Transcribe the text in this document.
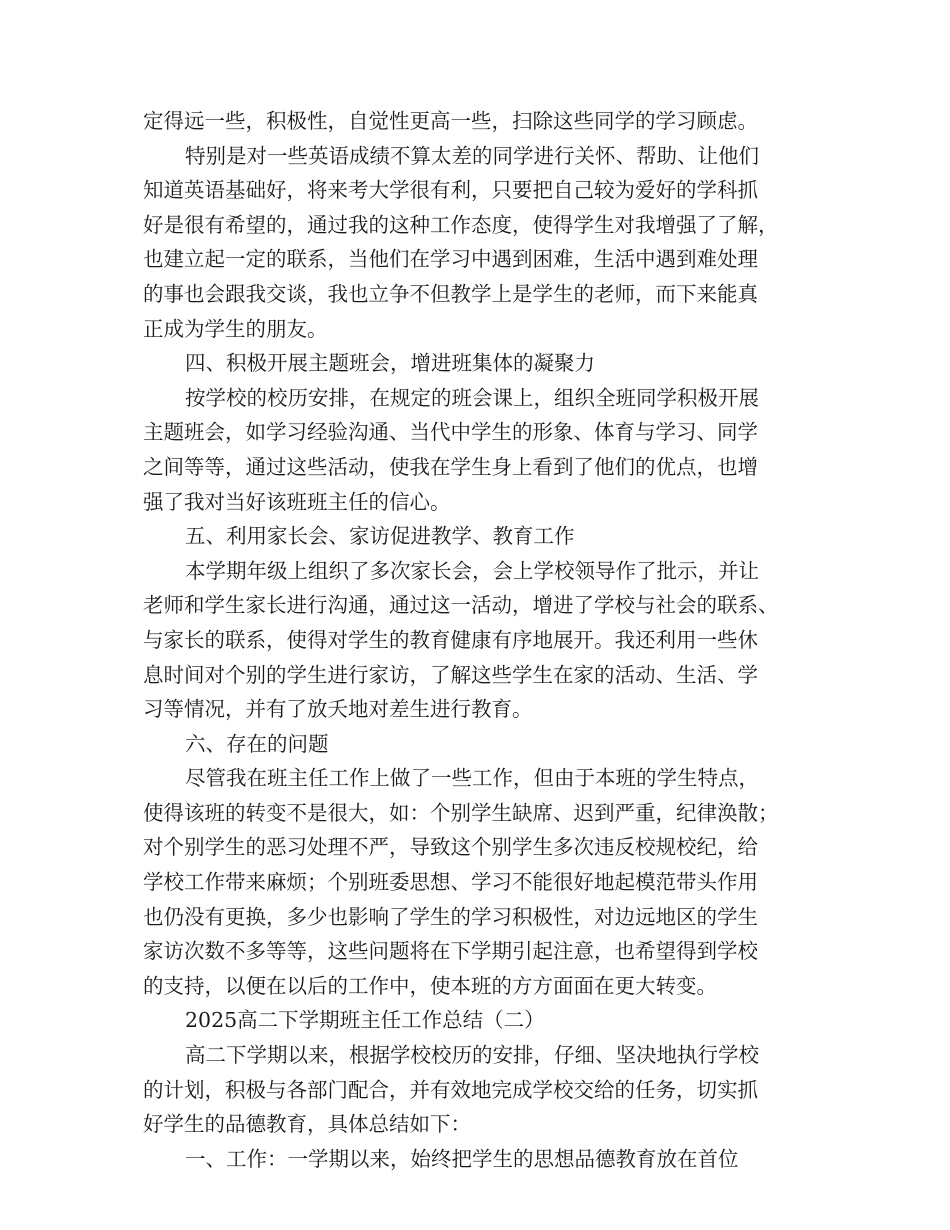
定得远一些，积极性，自觉性更高一些，扫除这些同学的学习顾虑。
特别是对一些英语成绩不算太差的同学进行关怀、帮助、让他们
知道英语基础好，将来考大学很有利，只要把自己较为爱好的学科抓
好是很有希望的，通过我的这种工作态度，使得学生对我增强了了解，
也建立起一定的联系，当他们在学习中遇到困难，生活中遇到难处理
的事也会跟我交谈，我也立争不但教学上是学生的老师，而下来能真
正成为学生的朋友。
四、积极开展主题班会，增进班集体的凝聚力
按学校的校历安排，在规定的班会课上，组织全班同学积极开展
主题班会，如学习经验沟通、当代中学生的形象、体育与学习、同学
之间等等，通过这些活动，使我在学生身上看到了他们的优点，也增
强了我对当好该班班主任的信心。
五、利用家长会、家访促进教学、教育工作
本学期年级上组织了多次家长会，会上学校领导作了批示，并让
老师和学生家长进行沟通，通过这一活动，增进了学校与社会的联系、
与家长的联系，使得对学生的教育健康有序地展开。我还利用一些休
息时间对个别的学生进行家访，了解这些学生在家的活动、生活、学
习等情况，并有了放夭地对差生进行教育。
六、存在的问题
尽管我在班主任工作上做了一些工作，但由于本班的学生特点，
使得该班的转变不是很大，如：个别学生缺席、迟到严重，纪律涣散；
对个别学生的恶习处理不严，导致这个别学生多次违反校规校纪，给
学校工作带来麻烦；个别班委思想、学习不能很好地起模范带头作用
也仍没有更换，多少也影响了学生的学习积极性，对边远地区的学生
家访次数不多等等，这些问题将在下学期引起注意，也希望得到学校
的支持，以便在以后的工作中，使本班的方方面面在更大转变。
2025高二下学期班主任工作总结（二）
高二下学期以来，根据学校校历的安排，仔细、坚决地执行学校
的计划，积极与各部门配合，并有效地完成学校交给的任务，切实抓
好学生的品德教育，具体总结如下：
一、工作：一学期以来，始终把学生的思想品德教育放在首位
